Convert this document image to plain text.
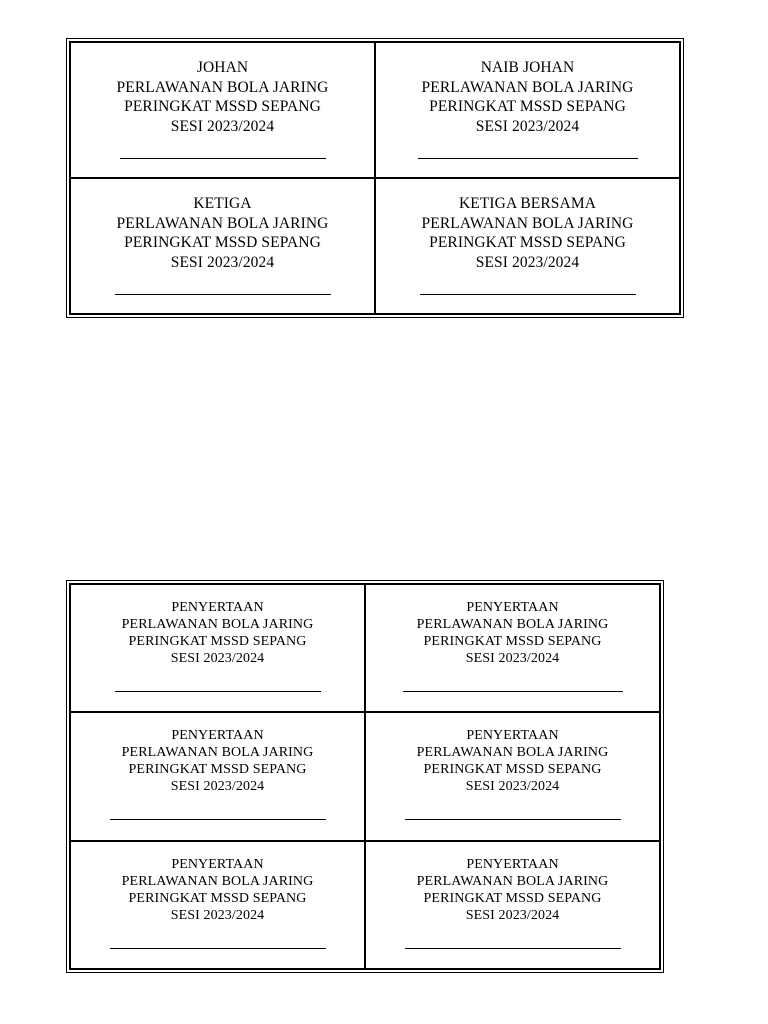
JOHAN
PERLAWANAN BOLA JARING
PERINGKAT MSSD SEPANG
SESI 2023/2024	NAIB JOHAN
PERLAWANAN BOLA JARING
PERINGKAT MSSD SEPANG
SESI 2023/2024

KETIGA
PERLAWANAN BOLA JARING
PERINGKAT MSSD SEPANG
SESI 2023/2024	KETIGA BERSAMA
PERLAWANAN BOLA JARING
PERINGKAT MSSD SEPANG
SESI 2023/2024
PENYERTAAN
PERLAWANAN BOLA JARING
PERINGKAT MSSD SEPANG
SESI 2023/2024	PENYERTAAN
PERLAWANAN BOLA JARING
PERINGKAT MSSD SEPANG
SESI 2023/2024

PENYERTAAN
PERLAWANAN BOLA JARING
PERINGKAT MSSD SEPANG
SESI 2023/2024	PENYERTAAN
PERLAWANAN BOLA JARING
PERINGKAT MSSD SEPANG
SESI 2023/2024

PENYERTAAN
PERLAWANAN BOLA JARING
PERINGKAT MSSD SEPANG
SESI 2023/2024	PENYERTAAN
PERLAWANAN BOLA JARING
PERINGKAT MSSD SEPANG
SESI 2023/2024
